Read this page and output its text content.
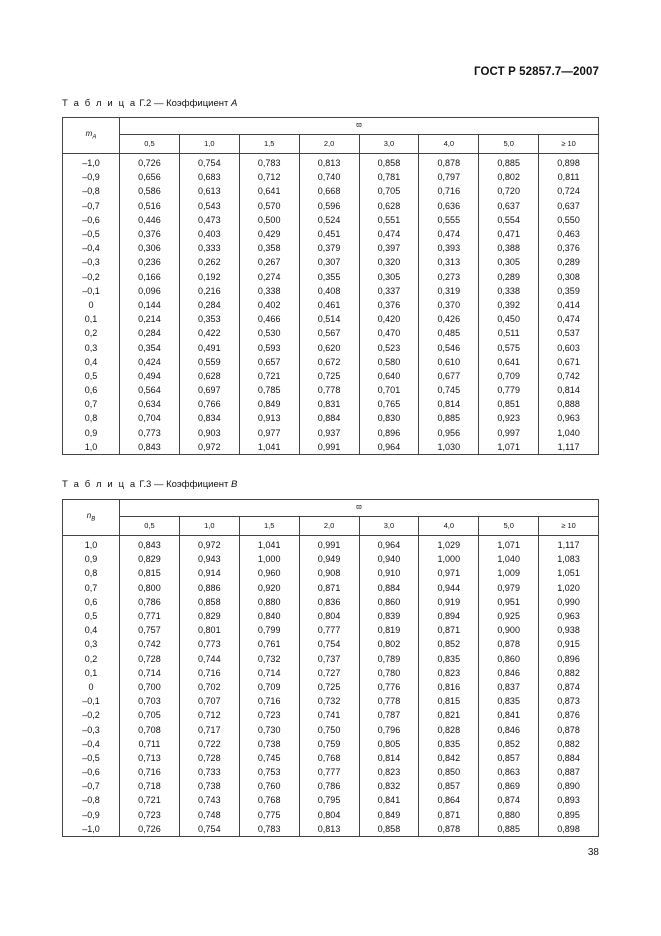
ГОСТ Р 52857.7—2007
Т а б л и ц а Г.2 — Коэффициент A
$m_A$	ϖ							
	0,5	1,0	1,5	2,0	3,0	4,0	5,0	≥ 10
–1,0	0,726	0,754	0,783	0,813	0,858	0,878	0,885	0,898
–0,9	0,656	0,683	0,712	0,740	0,781	0,797	0,802	0,811
–0,8	0,586	0,613	0,641	0,668	0,705	0,716	0,720	0,724
–0,7	0,516	0,543	0,570	0,596	0,628	0,636	0,637	0,637
–0,6	0,446	0,473	0,500	0,524	0,551	0,555	0,554	0,550
–0,5	0,376	0,403	0,429	0,451	0,474	0,474	0,471	0,463
–0,4	0,306	0,333	0,358	0,379	0,397	0,393	0,388	0,376
–0,3	0,236	0,262	0,267	0,307	0,320	0,313	0,305	0,289
–0,2	0,166	0,192	0,274	0,355	0,305	0,273	0,289	0,308
–0,1	0,096	0,216	0,338	0,408	0,337	0,319	0,338	0,359
0	0,144	0,284	0,402	0,461	0,376	0,370	0,392	0,414
0,1	0,214	0,353	0,466	0,514	0,420	0,426	0,450	0,474
0,2	0,284	0,422	0,530	0,567	0,470	0,485	0,511	0,537
0,3	0,354	0,491	0,593	0,620	0,523	0,546	0,575	0,603
0,4	0,424	0,559	0,657	0,672	0,580	0,610	0,641	0,671
0,5	0,494	0,628	0,721	0,725	0,640	0,677	0,709	0,742
0,6	0,564	0,697	0,785	0,778	0,701	0,745	0,779	0,814
0,7	0,634	0,766	0,849	0,831	0,765	0,814	0,851	0,888
0,8	0,704	0,834	0,913	0,884	0,830	0,885	0,923	0,963
0,9	0,773	0,903	0,977	0,937	0,896	0,956	0,997	1,040
1,0	0,843	0,972	1,041	0,991	0,964	1,030	1,071	1,117
Т а б л и ц а Г.3 — Коэффициент B
$n_B$	ϖ							
	0,5	1,0	1,5	2,0	3,0	4,0	5,0	≥ 10
1,0	0,843	0,972	1,041	0,991	0,964	1,029	1,071	1,117
0,9	0,829	0,943	1,000	0,949	0,940	1,000	1,040	1,083
0,8	0,815	0,914	0,960	0,908	0,910	0,971	1,009	1,051
0,7	0,800	0,886	0,920	0,871	0,884	0,944	0,979	1,020
0,6	0,786	0,858	0,880	0,836	0,860	0,919	0,951	0,990
0,5	0,771	0,829	0,840	0,804	0,839	0,894	0,925	0,963
0,4	0,757	0,801	0,799	0,777	0,819	0,871	0,900	0,938
0,3	0,742	0,773	0,761	0,754	0,802	0,852	0,878	0,915
0,2	0,728	0,744	0,732	0,737	0,789	0,835	0,860	0,896
0,1	0,714	0,716	0,714	0,727	0,780	0,823	0,846	0,882
0	0,700	0,702	0,709	0,725	0,776	0,816	0,837	0,874
–0,1	0,703	0,707	0,716	0,732	0,778	0,815	0,835	0,873
–0,2	0,705	0,712	0,723	0,741	0,787	0,821	0,841	0,876
–0,3	0,708	0,717	0,730	0,750	0,796	0,828	0,846	0,878
–0,4	0,711	0,722	0,738	0,759	0,805	0,835	0,852	0,882
–0,5	0,713	0,728	0,745	0,768	0,814	0,842	0,857	0,884
–0,6	0,716	0,733	0,753	0,777	0,823	0,850	0,863	0,887
–0,7	0,718	0,738	0,760	0,786	0,832	0,857	0,869	0,890
–0,8	0,721	0,743	0,768	0,795	0,841	0,864	0,874	0,893
–0,9	0,723	0,748	0,775	0,804	0,849	0,871	0,880	0,895
–1,0	0,726	0,754	0,783	0,813	0,858	0,878	0,885	0,898
38
